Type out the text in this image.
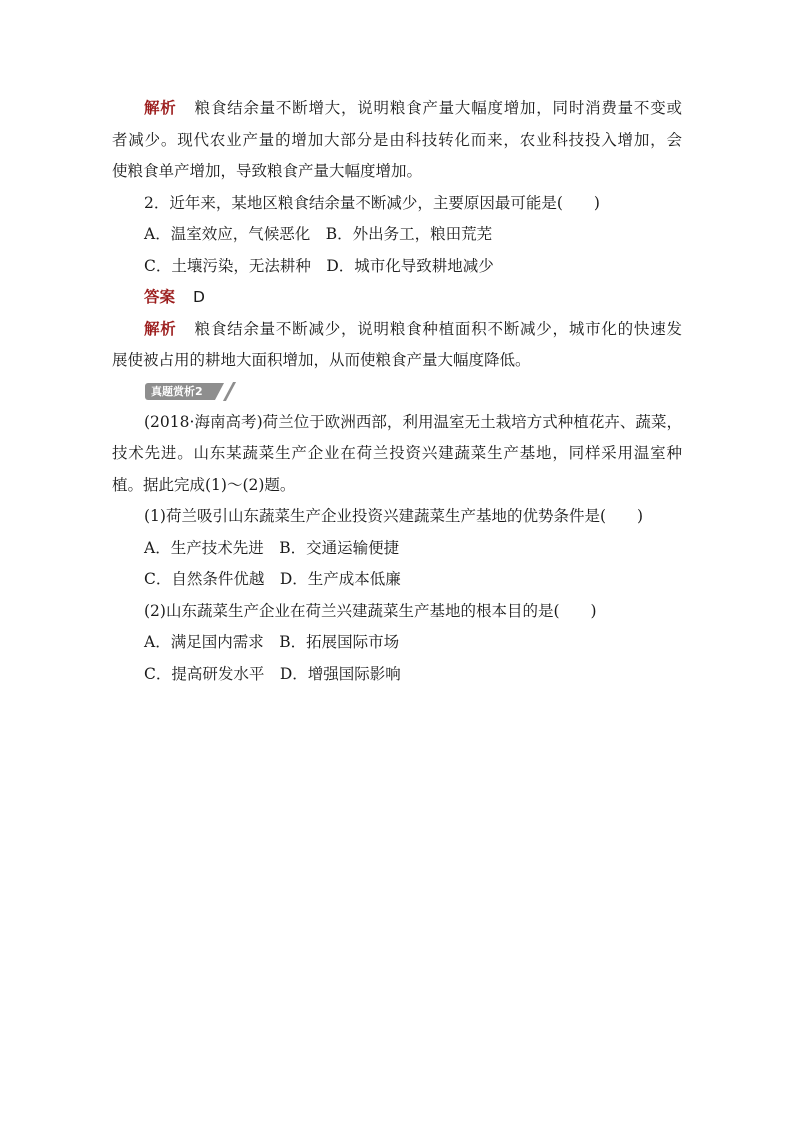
解析 粮食结余量不断增大，说明粮食产量大幅度增加，同时消费量不变或
者减少。现代农业产量的增加大部分是由科技转化而来，农业科技投入增加，会
使粮食单产增加，导致粮食产量大幅度增加。
2．近年来，某地区粮食结余量不断减少，主要原因最可能是(　　)
A．温室效应，气候恶化　B．外出务工，粮田荒芜
C．土壤污染，无法耕种　D．城市化导致耕地减少
答案 D
解析 粮食结余量不断减少，说明粮食种植面积不断减少，城市化的快速发
展使被占用的耕地大面积增加，从而使粮食产量大幅度降低。
真题赏析2
(2018·海南高考)荷兰位于欧洲西部，利用温室无土栽培方式种植花卉、蔬菜，
技术先进。山东某蔬菜生产企业在荷兰投资兴建蔬菜生产基地，同样采用温室种
植。据此完成(1)～(2)题。
(1)荷兰吸引山东蔬菜生产企业投资兴建蔬菜生产基地的优势条件是(　　)
A．生产技术先进　B．交通运输便捷
C．自然条件优越　D．生产成本低廉
(2)山东蔬菜生产企业在荷兰兴建蔬菜生产基地的根本目的是(　　)
A．满足国内需求　B．拓展国际市场
C．提高研发水平　D．增强国际影响
